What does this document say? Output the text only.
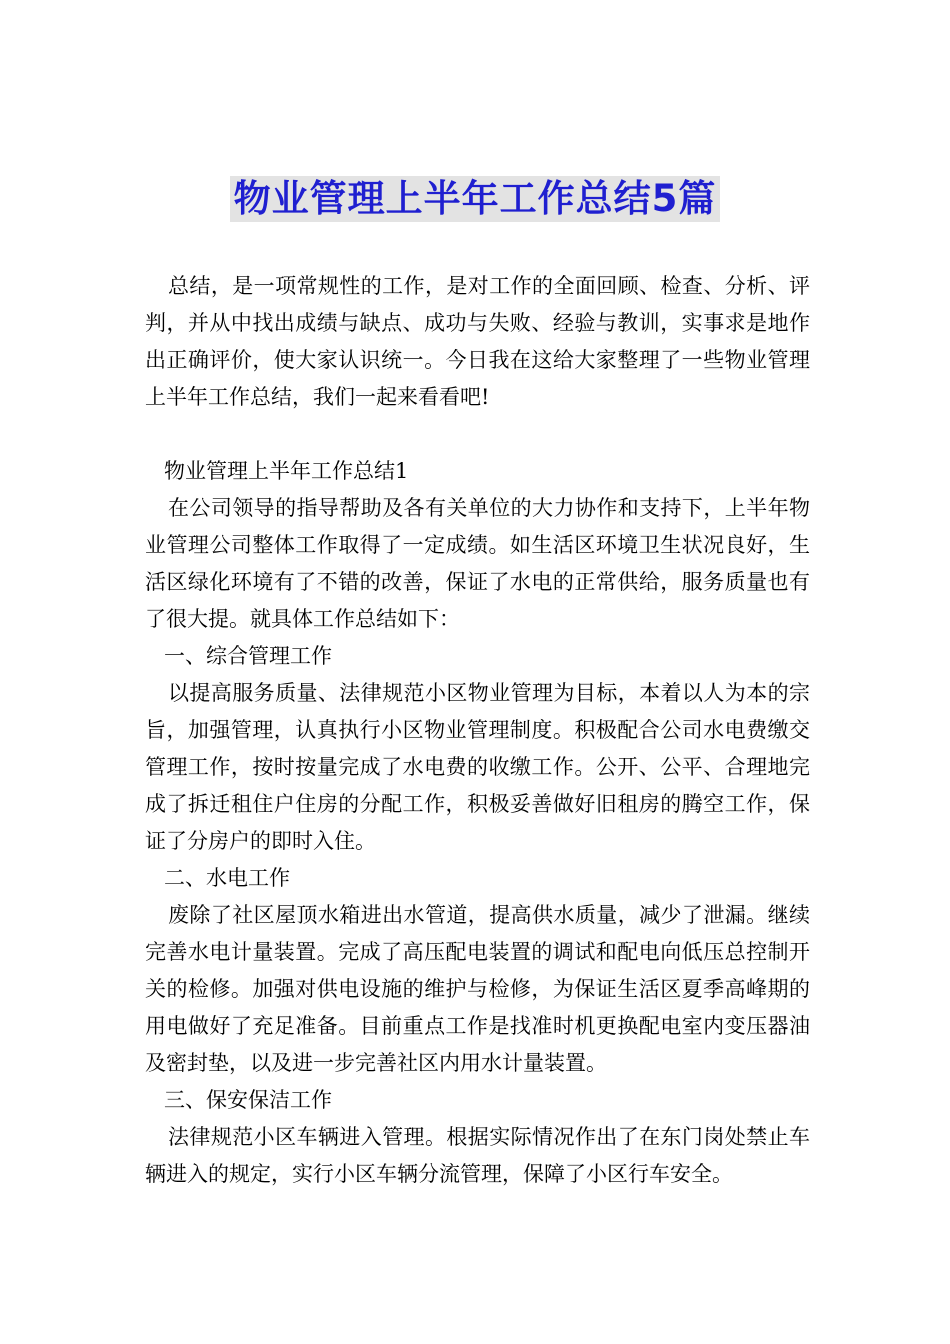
物业管理上半年工作总结5篇

总结，是一项常规性的工作，是对工作的全面回顾、检查、分析、评判，并从中找出成绩与缺点、成功与失败、经验与教训，实事求是地作出正确评价，使大家认识统一。今日我在这给大家整理了一些物业管理上半年工作总结，我们一起来看看吧!

物业管理上半年工作总结1

在公司领导的指导帮助及各有关单位的大力协作和支持下，上半年物业管理公司整体工作取得了一定成绩。如生活区环境卫生状况良好，生活区绿化环境有了不错的改善，保证了水电的正常供给，服务质量也有了很大提。就具体工作总结如下：

一、综合管理工作

以提高服务质量、法律规范小区物业管理为目标，本着以人为本的宗旨，加强管理，认真执行小区物业管理制度。积极配合公司水电费缴交管理工作，按时按量完成了水电费的收缴工作。公开、公平、合理地完成了拆迁租住户住房的分配工作，积极妥善做好旧租房的腾空工作，保证了分房户的即时入住。

二、水电工作

废除了社区屋顶水箱进出水管道，提高供水质量，减少了泄漏。继续完善水电计量装置。完成了高压配电装置的调试和配电向低压总控制开关的检修。加强对供电设施的维护与检修，为保证生活区夏季高峰期的用电做好了充足准备。目前重点工作是找准时机更换配电室内变压器油及密封垫，以及进一步完善社区内用水计量装置。

三、保安保洁工作

法律规范小区车辆进入管理。根据实际情况作出了在东门岗处禁止车辆进入的规定，实行小区车辆分流管理，保障了小区行车安全。
